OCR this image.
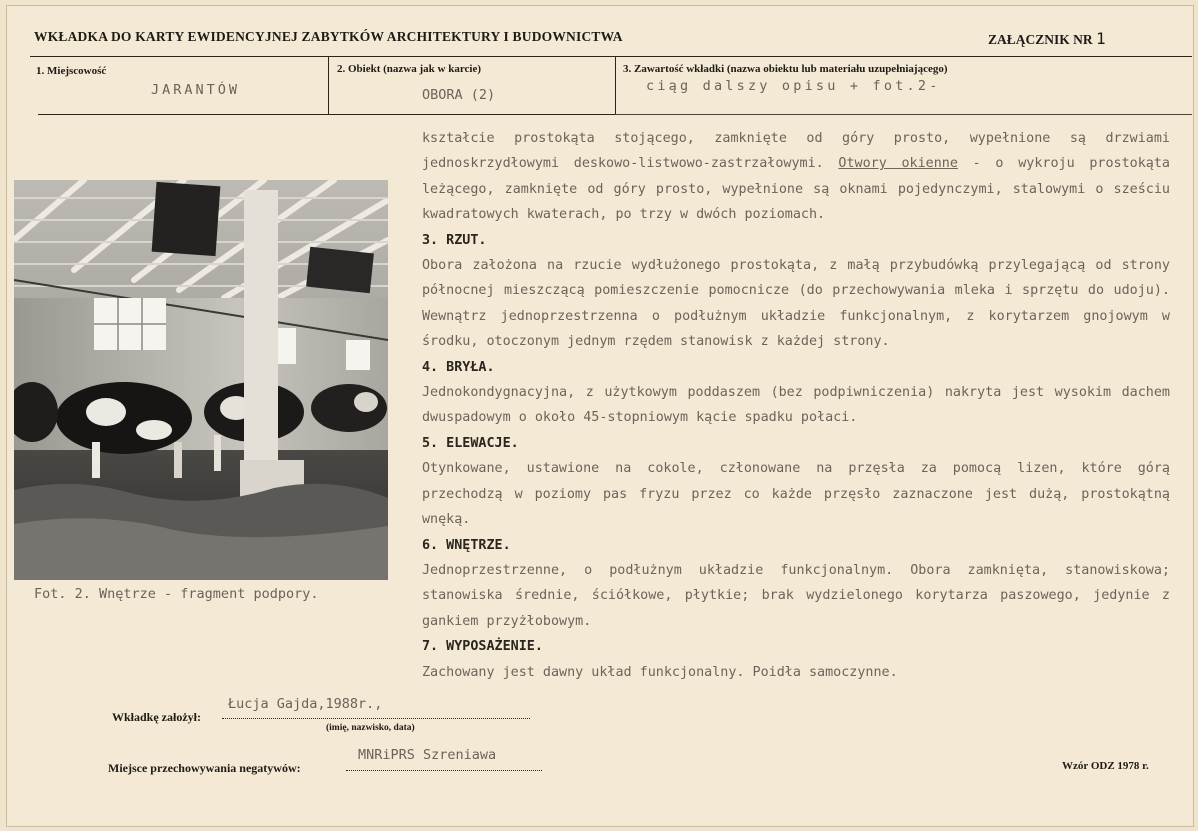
WKŁADKA DO KARTY EWIDENCYJNEJ ZABYTKÓW ARCHITEKTURY I BUDOWNICTWA	ZAŁĄCZNIK NR 1
1. Miejscowość
JARANTÓW
2. Obiekt (nazwa jak w karcie)
OBORA (2)
3. Zawartość wkładki (nazwa obiektu lub materiału uzupełniającego)
ciąg dalszy opisu + fot.2-

kształcie prostokąta stojącego, zamknięte od góry prosto, wypełnione są drzwiami jednoskrzydłowymi deskowo-listwowo-zastrzałowymi. Otwory okienne - o wykroju prostokąta leżącego, zamknięte od góry prosto, wypełnione są oknami pojedynczymi, stalowymi o sześciu kwadratowych kwaterach, po trzy w dwóch poziomach.

3. RZUT.

Obora założona na rzucie wydłużonego prostokąta, z małą przybudówką przylegającą od strony północnej mieszczącą pomieszczenie pomocnicze (do przechowywania mleka i sprzętu do udoju). Wewnątrz jednoprzestrzenna o podłużnym układzie funkcjonalnym, z korytarzem gnojowym w środku, otoczonym jednym rzędem stanowisk z każdej strony.

4. BRYŁA.

Jednokondygnacyjna, z użytkowym poddaszem (bez podpiwniczenia) nakryta jest wysokim dachem dwuspadowym o około 45-stopniowym kącie spadku połaci.

5. ELEWACJE.

Otynkowane, ustawione na cokole, członowane na przęsła za pomocą lizen, które górą przechodzą w poziomy pas fryzu przez co każde przęsło zaznaczone jest dużą, prostokątną wnęką.

6. WNĘTRZE.

Jednoprzestrzenne, o podłużnym układzie funkcjonalnym. Obora zamknięta, stanowiskowa; stanowiska średnie, ściółkowe, płytkie; brak wydzielonego korytarza paszowego, jedynie z gankiem przyżłobowym.

7. WYPOSAŻENIE.

Zachowany jest dawny układ funkcjonalny. Poidła samoczynne.

Fot. 2. Wnętrze - fragment podpory.
Wkładkę założył:
Łucja Gajda,1988r.,
(imię, nazwisko, data)
Miejsce przechowywania negatywów:
MNRiPRS Szreniawa
Wzór ODZ 1978 r.
